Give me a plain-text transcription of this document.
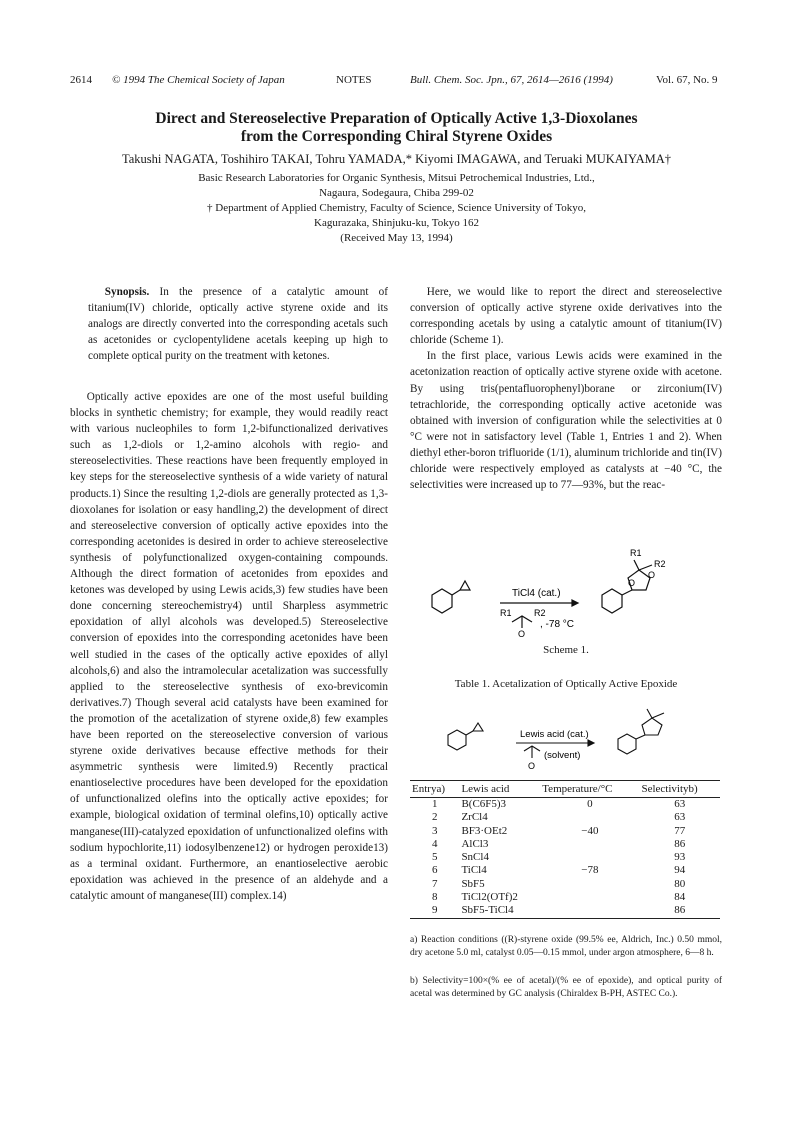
2614 © 1994 The Chemical Society of Japan	NOTES	Bull. Chem. Soc. Jpn., 67, 2614—2616 (1994)	Vol. 67, No. 9
Direct and Stereoselective Preparation of Optically Active 1,3-Dioxolanes
from the Corresponding Chiral Styrene Oxides
Takushi NAGATA, Toshihiro TAKAI, Tohru YAMADA,* Kiyomi IMAGAWA, and Teruaki MUKAIYAMA†
Basic Research Laboratories for Organic Synthesis, Mitsui Petrochemical Industries, Ltd.,
Nagaura, Sodegaura, Chiba 299-02
† Department of Applied Chemistry, Faculty of Science, Science University of Tokyo,
Kagurazaka, Shinjuku-ku, Tokyo 162
(Received May 13, 1994)

Synopsis. In the presence of a catalytic amount of titanium(IV) chloride, optically active styrene oxide and its analogs are directly converted into the corresponding acetals such as acetonides or cyclopentylidene acetals keeping up high to complete optical purity on the treatment with ketones.

Optically active epoxides are one of the most useful building blocks in synthetic chemistry; for example, they would readily react with various nucleophiles to form 1,2-bifunctionalized derivatives such as 1,2-diols or 1,2-amino alcohols with regio- and stereoselectivities. These reactions have been frequently employed in key steps for the stereoselective synthesis of a wide variety of natural products.1) Since the resulting 1,2-diols are generally protected as 1,3-dioxolanes for isolation or easy handling,2) the development of direct and stereoselective conversion of optically active epoxides into the corresponding acetonides is desired in order to achieve stereoselective synthesis of polyfunctionalized oxygen-containing compounds. Although the direct formation of acetonides from epoxides and ketones was developed by using Lewis acids,3) few studies have been done concerning stereochemistry4) until Sharpless asymmetric epoxidation of allyl alcohols was developed.5) Stereoselective conversion of epoxides into the corresponding acetonides have been well studied in the cases of the optically active epoxides of allyl alcohols,6) and also the intramolecular acetalization was successfully applied to the stereoselective synthesis of exo-brevicomin derivatives.7) Though several acid catalysts have been examined for the promotion of the acetalization of styrene oxide,8) few examples have been reported on the stereoselective conversion of various styrene oxide derivatives because effective methods for their asymmetric synthesis were limited.9) Recently practical enantioselective procedures have been developed for the epoxidation of unfunctionalized olefins into the optically active epoxides; for example, biological oxidation of terminal olefins,10) optically active manganese(III)-catalyzed epoxidation of unfunctionalized olefins with sodium hypochlorite,11) iodosylbenzene12) or hydrogen peroxide13) as a terminal oxidant. Furthermore, an enantioselective aerobic epoxidation was achieved in the presence of an aldehyde and a catalytic amount of manganese(III) complex.14)

Here, we would like to report the direct and stereoselective conversion of optically active styrene oxide derivatives into the corresponding acetals by using a catalytic amount of titanium(IV) chloride (Scheme 1).

In the first place, various Lewis acids were examined in the acetonization reaction of optically active styrene oxide with acetone. By using tris(pentafluorophenyl)borane or zirconium(IV) tetrachloride, the corresponding optically active acetonide was obtained with inversion of configuration while the selectivities at 0 °C were not in satisfactory level (Table 1, Entries 1 and 2). When diethyl ether-boron trifluoride (1/1), aluminum trichloride and tin(IV) chloride were respectively employed as catalysts at −40 °C, the selectivities were increased up to 77—93%, but the reac-

TiCl4 (cat.)
R1 R2
O
, -78 °C
R1
R2
O
O
Scheme 1.
Table 1. Acetalization of Optically Active Epoxide
Lewis acid (cat.)
(solvent)
O
Entrya)	Lewis acid	Temperature/°C	Selectivityb)
1	B(C6F5)3	0	63
2	ZrCl4		63
3	BF3·OEt2	−40	77
4	AlCl3		86
5	SnCl4		93
6	TiCl4	−78	94
7	SbF5		80
8	TiCl2(OTf)2		84
9	SbF5-TiCl4		86
a) Reaction conditions ((R)-styrene oxide (99.5% ee, Aldrich, Inc.) 0.50 mmol, dry acetone 5.0 ml, catalyst 0.05—0.15 mmol, under argon atmosphere, 6—8 h.
b) Selectivity=100×(% ee of acetal)/(% ee of epoxide), and optical purity of acetal was determined by GC analysis (Chiraldex B-PH, ASTEC Co.).
